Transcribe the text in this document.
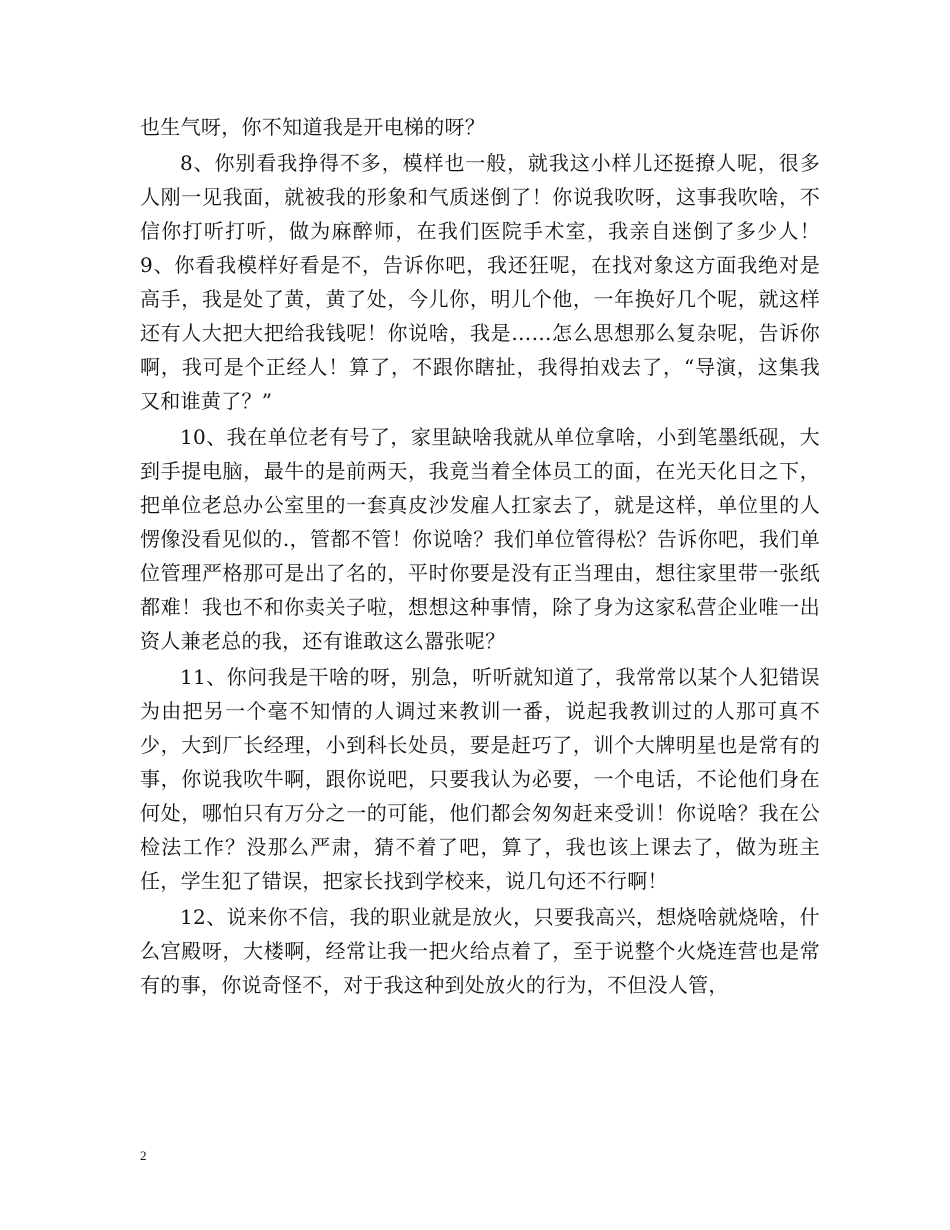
也生气呀，你不知道我是开电梯的呀？

8、你别看我挣得不多，模样也一般，就我这小样儿还挺撩人呢，很多人刚一见我面，就被我的形象和气质迷倒了！你说我吹呀，这事我吹啥，不信你打听打听，做为麻醉师，在我们医院手术室，我亲自迷倒了多少人！9、你看我模样好看是不，告诉你吧，我还狂呢，在找对象这方面我绝对是高手，我是处了黄，黄了处，今儿你，明儿个他，一年换好几个呢，就这样还有人大把大把给我钱呢！你说啥，我是……怎么思想那么复杂呢，告诉你啊，我可是个正经人！算了，不跟你瞎扯，我得拍戏去了，“导演，这集我又和谁黄了？”

10、我在单位老有号了，家里缺啥我就从单位拿啥，小到笔墨纸砚，大到手提电脑，最牛的是前两天，我竟当着全体员工的面，在光天化日之下，把单位老总办公室里的一套真皮沙发雇人扛家去了，就是这样，单位里的人愣像没看见似的.，管都不管！你说啥？我们单位管得松？告诉你吧，我们单位管理严格那可是出了名的，平时你要是没有正当理由，想往家里带一张纸都难！我也不和你卖关子啦，想想这种事情，除了身为这家私营企业唯一出资人兼老总的我，还有谁敢这么嚣张呢？

11、你问我是干啥的呀，别急，听听就知道了，我常常以某个人犯错误为由把另一个毫不知情的人调过来教训一番，说起我教训过的人那可真不少，大到厂长经理，小到科长处员，要是赶巧了，训个大牌明星也是常有的事，你说我吹牛啊，跟你说吧，只要我认为必要，一个电话，不论他们身在何处，哪怕只有万分之一的可能，他们都会匆匆赶来受训！你说啥？我在公检法工作？没那么严肃，猜不着了吧，算了，我也该上课去了，做为班主任，学生犯了错误，把家长找到学校来，说几句还不行啊！

12、说来你不信，我的职业就是放火，只要我高兴，想烧啥就烧啥，什么宫殿呀，大楼啊，经常让我一把火给点着了，至于说整个火烧连营也是常有的事，你说奇怪不，对于我这种到处放火的行为，不但没人管，

2
